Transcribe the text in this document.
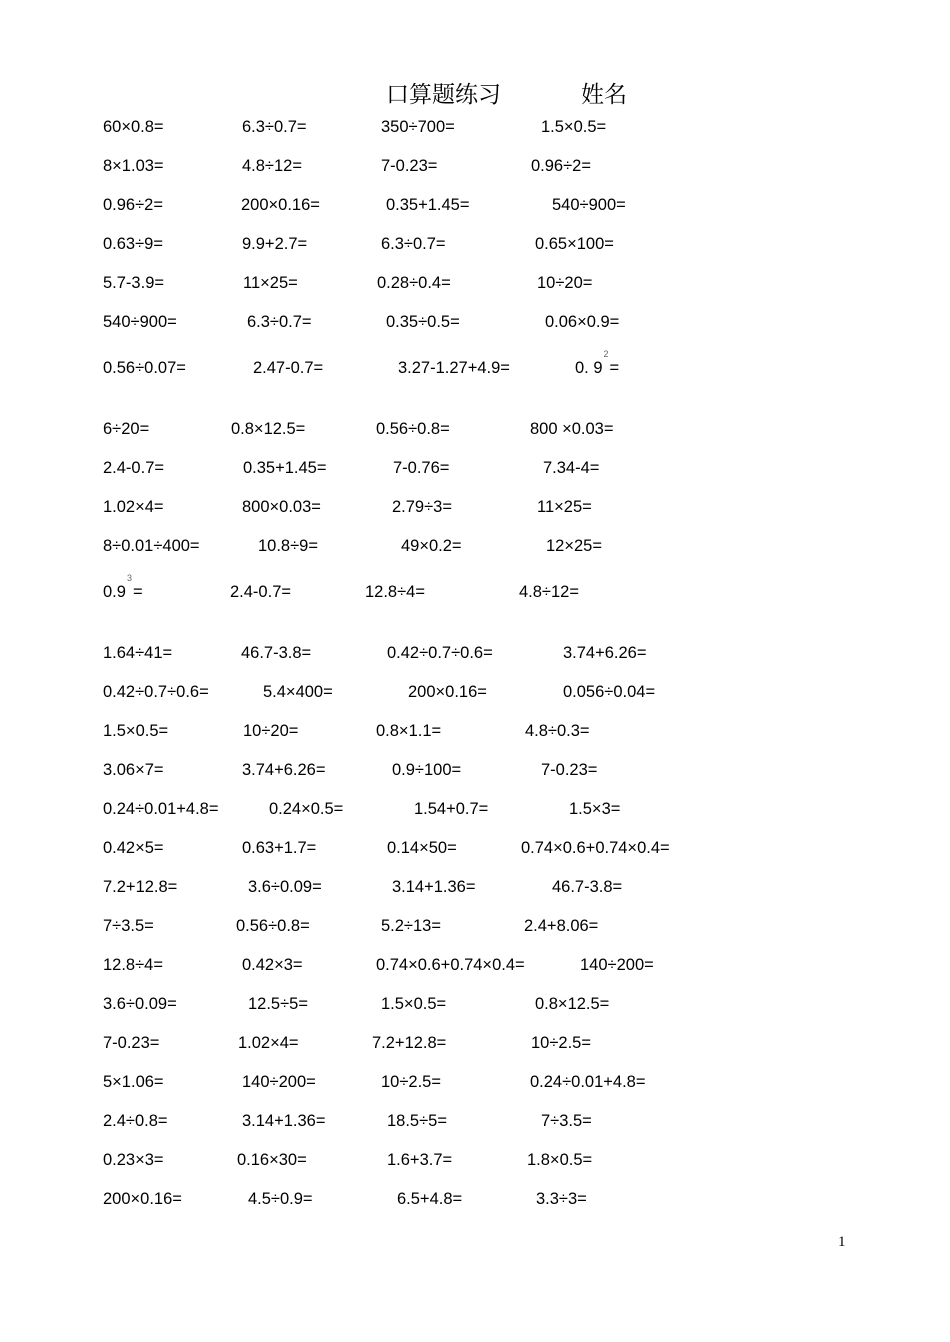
口算题练习	姓名
60×0.8=	6.3÷0.7=	350÷700=	1.5×0.5=
8×1.03=	4.8÷12=	7-0.23=	0.96÷2=
0.96÷2=	200×0.16=	0.35+1.45=	540÷900=
0.63÷9=	9.9+2.7=	6.3÷0.7=	0.65×100=
5.7-3.9=	11×25=	0.28÷0.4=	10÷20=
540÷900=	6.3÷0.7=	0.35÷0.5=	0.06×0.9=
0.56÷0.07=	2.47-0.7=	3.27-1.27+4.9=	0. $9^2=$
6÷20=	0.8×12.5=	0.56÷0.8=	800 ×0.03=
2.4-0.7=	0.35+1.45=	7-0.76=	7.34-4=
1.02×4=	800×0.03=	2.79÷3=	11×25=
8÷0.01÷400=	10.8÷9=	49×0.2=	12×25=
$0.9^3=$	2.4-0.7=	12.8÷4=	4.8÷12=
1.64÷41=	46.7-3.8=	0.42÷0.7÷0.6=	3.74+6.26=
0.42÷0.7÷0.6=	5.4×400=	200×0.16=	0.056÷0.04=
1.5×0.5=	10÷20=	0.8×1.1=	4.8÷0.3=
3.06×7=	3.74+6.26=	0.9÷100=	7-0.23=
0.24÷0.01+4.8=	0.24×0.5=	1.54+0.7=	1.5×3=
0.42×5=	0.63+1.7=	0.14×50=	0.74×0.6+0.74×0.4=
7.2+12.8=	3.6÷0.09=	3.14+1.36=	46.7-3.8=
7÷3.5=	0.56÷0.8=	5.2÷13=	2.4+8.06=
12.8÷4=	0.42×3=	0.74×0.6+0.74×0.4=	140÷200=
3.6÷0.09=	12.5÷5=	1.5×0.5=	0.8×12.5=
7-0.23=	1.02×4=	7.2+12.8=	10÷2.5=
5×1.06=	140÷200=	10÷2.5=	0.24÷0.01+4.8=
2.4÷0.8=	3.14+1.36=	18.5÷5=	7÷3.5=
0.23×3=	0.16×30=	1.6+3.7=	1.8×0.5=
200×0.16=	4.5÷0.9=	6.5+4.8=	3.3÷3=
1
